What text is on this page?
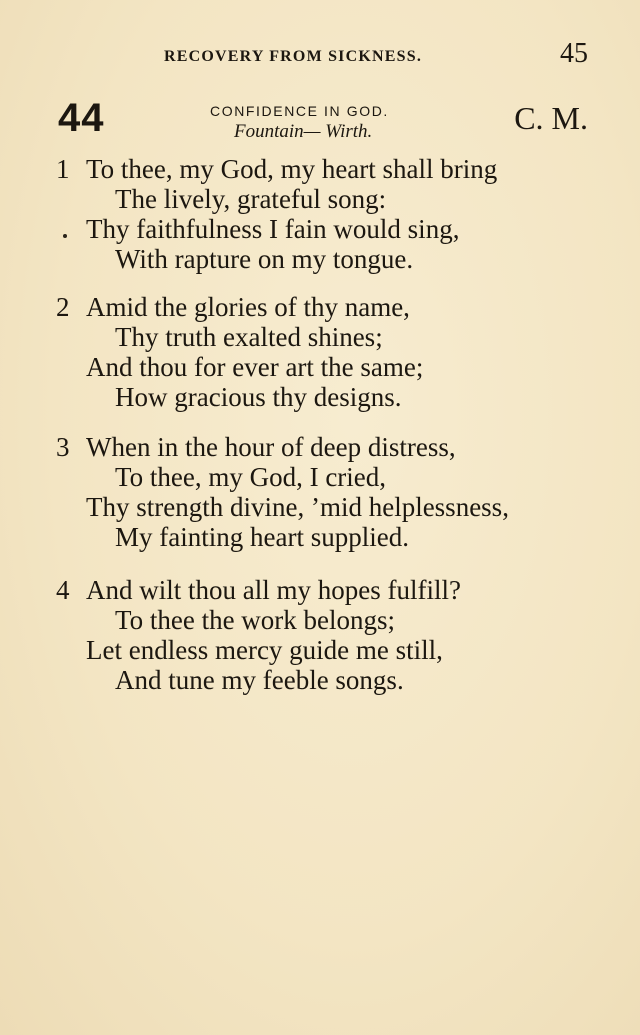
RECOVERY FROM SICKNESS.	45
44	CONFIDENCE IN GOD.
Fountain— Wirth.	C. M.
1 To thee, my God, my heart shall bring
The lively, grateful song:
Thy faithfulness I fain would sing,
With rapture on my tongue.
2 Amid the glories of thy name,
Thy truth exalted shines;
And thou for ever art the same;
How gracious thy designs.
3 When in the hour of deep distress,
To thee, my God, I cried,
Thy strength divine, ’mid helplessness,
My fainting heart supplied.
4 And wilt thou all my hopes fulfill?
To thee the work belongs;
Let endless mercy guide me still,
And tune my feeble songs.
